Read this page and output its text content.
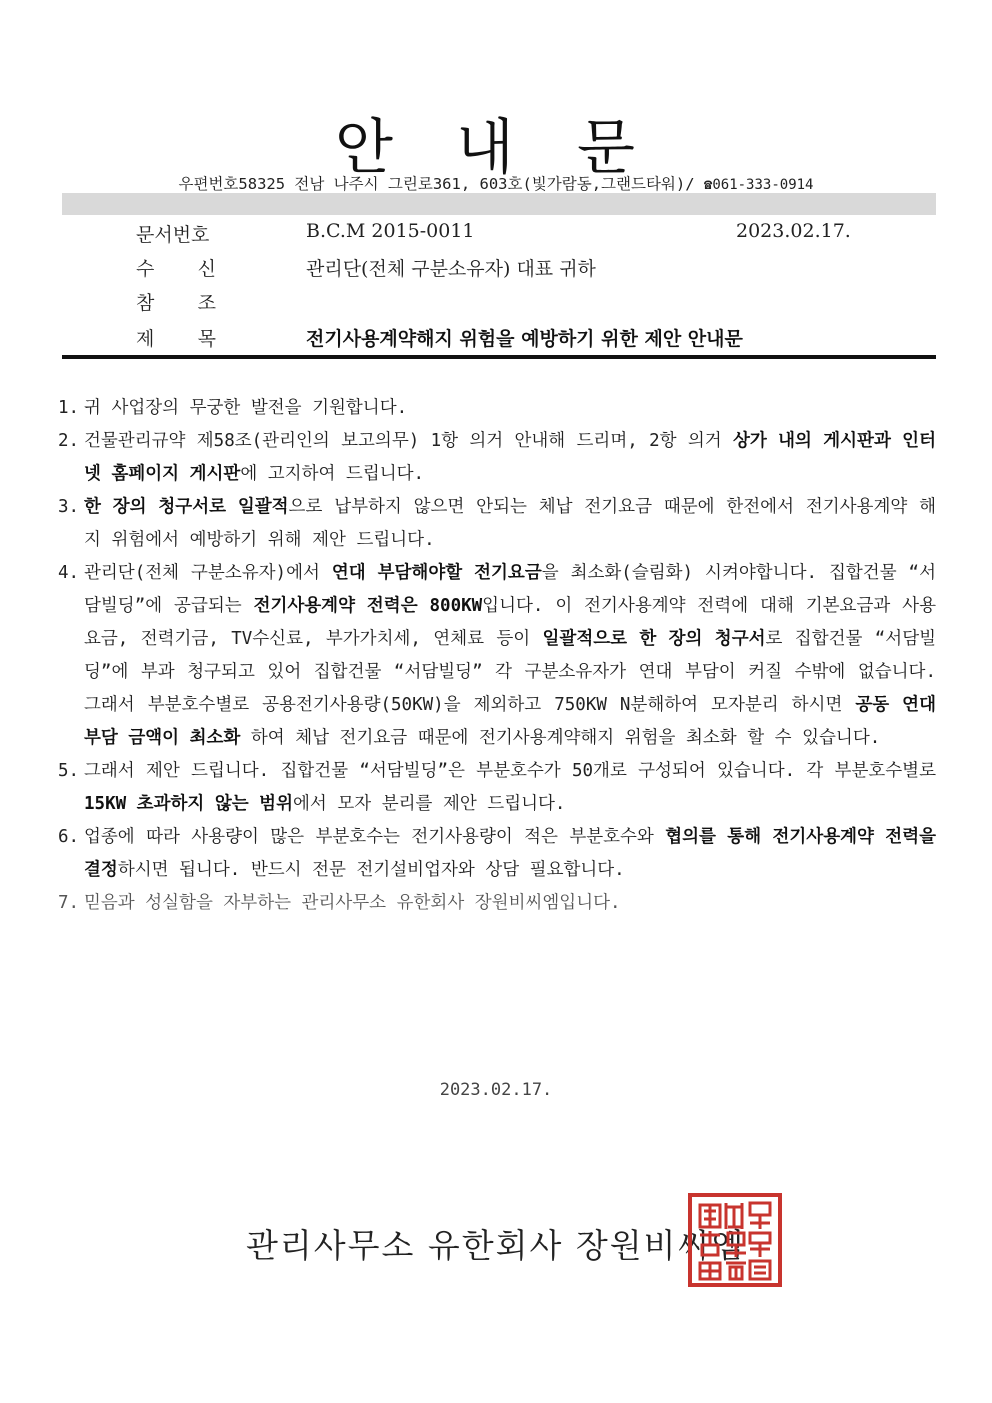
안 내 문
우편번호58325 전남 나주시 그린로361, 603호(빛가람동,그랜드타워)/ ☎061-333-0914
문서번호	B.C.M 2015-0011	2023.02.17.
수 신	관리단(전체 구분소유자) 대표 귀하
참 조
제 목	전기사용계약해지 위험을 예방하기 위한 제안 안내문
1. 귀 사업장의 무궁한 발전을 기원합니다.
2. 건물관리규약 제58조(관리인의 보고의무) 1항 의거 안내해 드리며, 2항 의거 상가 내의 게시판과 인터넷 홈페이지 게시판에 고지하여 드립니다.
3. 한 장의 청구서로 일괄적으로 납부하지 않으면 안되는 체납 전기요금 때문에 한전에서 전기사용계약 해지 위험에서 예방하기 위해 제안 드립니다.
4. 관리단(전체 구분소유자)에서 연대 부담해야할 전기요금을 최소화(슬림화) 시켜야합니다. 집합건물 “서담빌딩”에 공급되는 전기사용계약 전력은 800KW입니다. 이 전기사용계약 전력에 대해 기본요금과 사용요금, 전력기금, TV수신료, 부가가치세, 연체료 등이 일괄적으로 한 장의 청구서로 집합건물 “서담빌딩”에 부과 청구되고 있어 집합건물 “서담빌딩” 각 구분소유자가 연대 부담이 커질 수밖에 없습니다. 그래서 부분호수별로 공용전기사용량(50KW)을 제외하고 750KW N분해하여 모자분리 하시면 공동 연대 부담 금액이 최소화 하여 체납 전기요금 때문에 전기사용계약해지 위험을 최소화 할 수 있습니다.
5. 그래서 제안 드립니다. 집합건물 “서담빌딩”은 부분호수가 50개로 구성되어 있습니다. 각 부분호수별로 15KW 초과하지 않는 범위에서 모자 분리를 제안 드립니다.
6. 업종에 따라 사용량이 많은 부분호수는 전기사용량이 적은 부분호수와 협의를 통해 전기사용계약 전력을 결정하시면 됩니다. 반드시 전문 전기설비업자와 상담 필요합니다.
7. 믿음과 성실함을 자부하는 관리사무소 유한회사 장원비씨엠입니다.
2023.02.17.
관리사무소 유한회사 장원비씨엠
